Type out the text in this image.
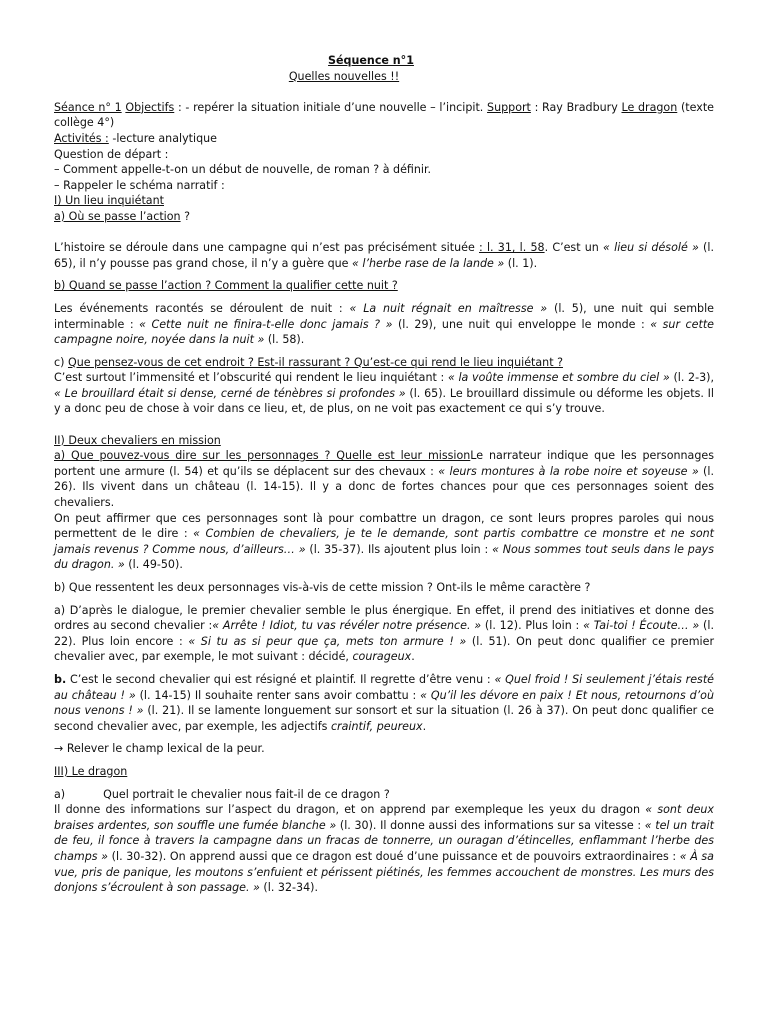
Séquence n°1
Quelles nouvelles !!

Séance n° 1 Objectifs : - repérer la situation initiale d’une nouvelle – l’incipit. Support : Ray Bradbury Le dragon (texte collège 4°)

Activités : -lecture analytique

Question de départ :

– Comment appelle-t-on un début de nouvelle, de roman ? à définir.

– Rappeler le schéma narratif :

I) Un lieu inquiétant

a) Où se passe l’action ?

L’histoire se déroule dans une campagne qui n’est pas précisément située : l. 31, l. 58. C’est un « lieu si désolé » (l. 65), il n’y pousse pas grand chose, il n’y a guère que « l’herbe rase de la lande » (l. 1).

b) Quand se passe l’action ? Comment la qualifier cette nuit ?

Les événements racontés se déroulent de nuit : « La nuit régnait en maîtresse » (l. 5), une nuit qui semble interminable : « Cette nuit ne finira-t-elle donc jamais ? » (l. 29), une nuit qui enveloppe le monde : « sur cette campagne noire, noyée dans la nuit » (l. 58).

c) Que pensez-vous de cet endroit ? Est-il rassurant ? Qu’est-ce qui rend le lieu inquiétant ?

C’est surtout l’immensité et l’obscurité qui rendent le lieu inquiétant : « la voûte immense et sombre du ciel » (l. 2-3), « Le brouillard était si dense, cerné de ténèbres si profondes » (l. 65). Le brouillard dissimule ou déforme les objets. Il y a donc peu de chose à voir dans ce lieu, et, de plus, on ne voit pas exactement ce qui s’y trouve.

II) Deux chevaliers en mission

a) Que pouvez-vous dire sur les personnages ? Quelle est leur missionLe narrateur indique que les personnages portent une armure (l. 54) et qu’ils se déplacent sur des chevaux : « leurs montures à la robe noire et soyeuse » (l. 26). Ils vivent dans un château (l. 14-15). Il y a donc de fortes chances pour que ces personnages soient des chevaliers.

On peut affirmer que ces personnages sont là pour combattre un dragon, ce sont leurs propres paroles qui nous permettent de le dire : « Combien de chevaliers, je te le demande, sont partis combattre ce monstre et ne sont jamais revenus ? Comme nous, d’ailleurs… » (l. 35-37). Ils ajoutent plus loin : « Nous sommes tout seuls dans le pays du dragon. » (l. 49-50).

b) Que ressentent les deux personnages vis-à-vis de cette mission ? Ont-ils le même caractère ?

a) D’après le dialogue, le premier chevalier semble le plus énergique. En effet, il prend des initiatives et donne des ordres au second chevalier :« Arrête ! Idiot, tu vas révéler notre présence. » (l. 12). Plus loin : « Tai-toi ! Écoute… » (l. 22). Plus loin encore : « Si tu as si peur que ça, mets ton armure ! » (l. 51). On peut donc qualifier ce premier chevalier avec, par exemple, le mot suivant : décidé, courageux.

b. C’est le second chevalier qui est résigné et plaintif. Il regrette d’être venu : « Quel froid ! Si seulement j’étais resté au château ! » (l. 14-15) Il souhaite renter sans avoir combattu : « Qu’il les dévore en paix ! Et nous, retournons d’où nous venons ! » (l. 21). Il se lamente longuement sur sonsort et sur la situation (l. 26 à 37). On peut donc qualifier ce second chevalier avec, par exemple, les adjectifs craintif, peureux.

→ Relever le champ lexical de la peur.

III) Le dragon

a)	Quel portrait le chevalier nous fait-il de ce dragon ?

Il donne des informations sur l’aspect du dragon, et on apprend par exempleque les yeux du dragon « sont deux braises ardentes, son souffle une fumée blanche » (l. 30). Il donne aussi des informations sur sa vitesse : « tel un trait de feu, il fonce à travers la campagne dans un fracas de tonnerre, un ouragan d’étincelles, enflammant l’herbe des champs » (l. 30-32). On apprend aussi que ce dragon est doué d’une puissance et de pouvoirs extraordinaires : « À sa vue, pris de panique, les moutons s’enfuient et périssent piétinés, les femmes accouchent de monstres. Les murs des donjons s’écroulent à son passage. » (l. 32-34).
